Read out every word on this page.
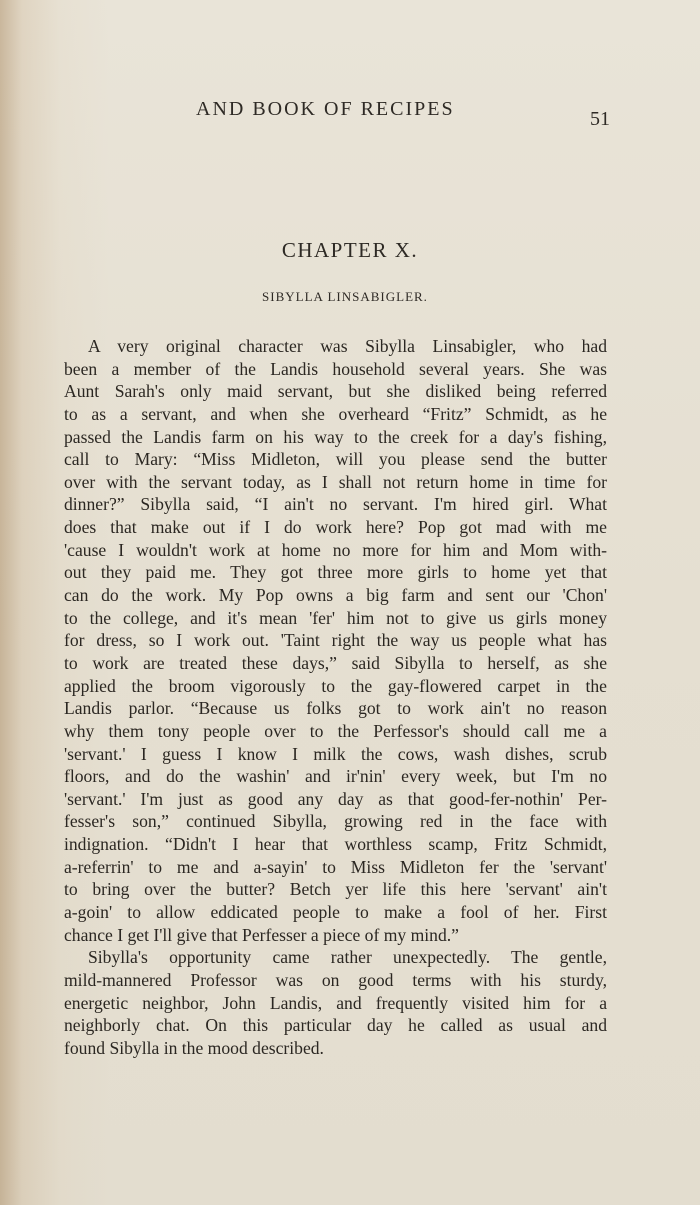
AND BOOK OF RECIPES	51
CHAPTER X.
SIBYLLA LINSABIGLER.
A very original character was Sibylla Linsabigler, who had
been a member of the Landis household several years. She was
Aunt Sarah's only maid servant, but she disliked being referred
to as a servant, and when she overheard “Fritz” Schmidt, as he
passed the Landis farm on his way to the creek for a day's fishing,
call to Mary: “Miss Midleton, will you please send the butter
over with the servant today, as I shall not return home in time for
dinner?” Sibylla said, “I ain't no servant. I'm hired girl. What
does that make out if I do work here? Pop got mad with me
'cause I wouldn't work at home no more for him and Mom with-
out they paid me. They got three more girls to home yet that
can do the work. My Pop owns a big farm and sent our 'Chon'
to the college, and it's mean 'fer' him not to give us girls money
for dress, so I work out. 'Taint right the way us people what has
to work are treated these days,” said Sibylla to herself, as she
applied the broom vigorously to the gay-flowered carpet in the
Landis parlor. “Because us folks got to work ain't no reason
why them tony people over to the Perfessor's should call me a
'servant.' I guess I know I milk the cows, wash dishes, scrub
floors, and do the washin' and ir'nin' every week, but I'm no
'servant.' I'm just as good any day as that good-fer-nothin' Per-
fesser's son,” continued Sibylla, growing red in the face with
indignation. “Didn't I hear that worthless scamp, Fritz Schmidt,
a-referrin' to me and a-sayin' to Miss Midleton fer the 'servant'
to bring over the butter? Betch yer life this here 'servant' ain't
a-goin' to allow eddicated people to make a fool of her. First
chance I get I'll give that Perfesser a piece of my mind.”
Sibylla's opportunity came rather unexpectedly. The gentle,
mild-mannered Professor was on good terms with his sturdy,
energetic neighbor, John Landis, and frequently visited him for a
neighborly chat. On this particular day he called as usual and
found Sibylla in the mood described.
